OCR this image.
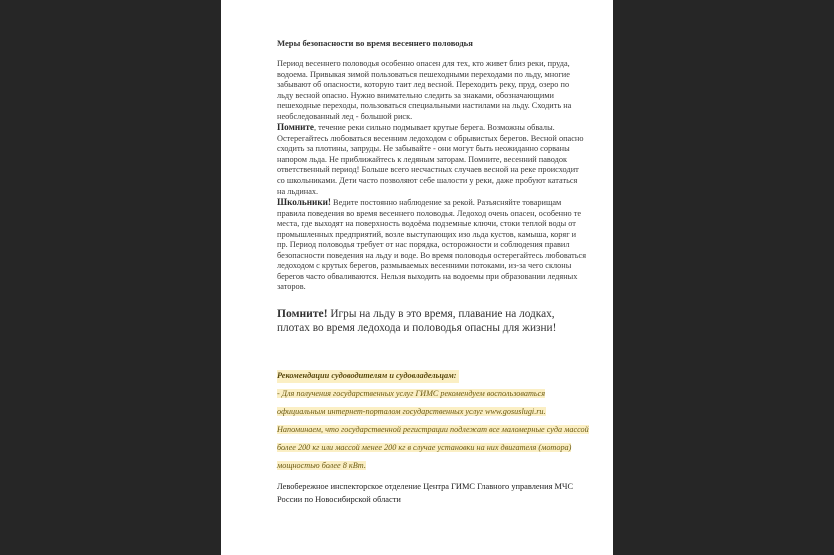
Меры безопасности во время весеннего половодья

Период весеннего половодья особенно опасен для тех, кто живет близ реки, пруда, водоема. Привыкая зимой пользоваться пешеходными переходами по льду, многие забывают об опасности, которую таит лед весной. Переходить реку, пруд, озеро по льду весной опасно. Нужно внимательно следить за знаками, обозначающими пешеходные переходы, пользоваться специальными настилами на льду. Сходить на необследованный лед - большой риск.

Помните, течение реки сильно подмывает крутые берега. Возможны обвалы. Остерегайтесь любоваться весенним ледоходом с обрывистых берегов. Весной опасно сходить за плотины, запруды. Не забывайте - они могут быть неожиданно сорваны напором льда. Не приближайтесь к ледяным заторам. Помните, весенний паводок ответственный период! Больше всего несчастных случаев весной на реке происходит со школьниками. Дети часто позволяют себе шалости у реки, даже пробуют кататься на льдинах.

Школьники! Ведите постоянно наблюдение за рекой. Разъясняйте товарищам правила поведения во время весеннего половодья. Ледоход очень опасен, особенно те места, где выходят на поверхность водоёма подземные ключи, стоки теплой воды от промышленных предприятий, возле выступающих изо льда кустов, камыша, коряг и пр. Период половодья требует от нас порядка, осторожности и соблюдения правил безопасности поведения на льду и воде. Во время половодья остерегайтесь любоваться ледоходом с крутых берегов, размываемых весенними потоками, из-за чего склоны берегов часто обваливаются. Нельзя выходить на водоемы при образовании ледяных заторов.

Помните! Игры на льду в это время, плавание на лодках, плотах во время ледохода и половодья опасны для жизни!

Рекомендации судоводителям и судовладельцам:
- Для получения государственных услуг ГИМС рекомендуем воспользоваться официальным интернет-порталом государственных услуг www.gosuslugi.ru. Напоминаем, что государственной регистрации подлежат все маломерные суда массой более 200 кг или массой менее 200 кг в случае установки на них двигателя (мотора) мощностью более 8 кВт.
Левобережное инспекторское отделение Центра ГИМС Главного управления МЧС России по Новосибирской области
